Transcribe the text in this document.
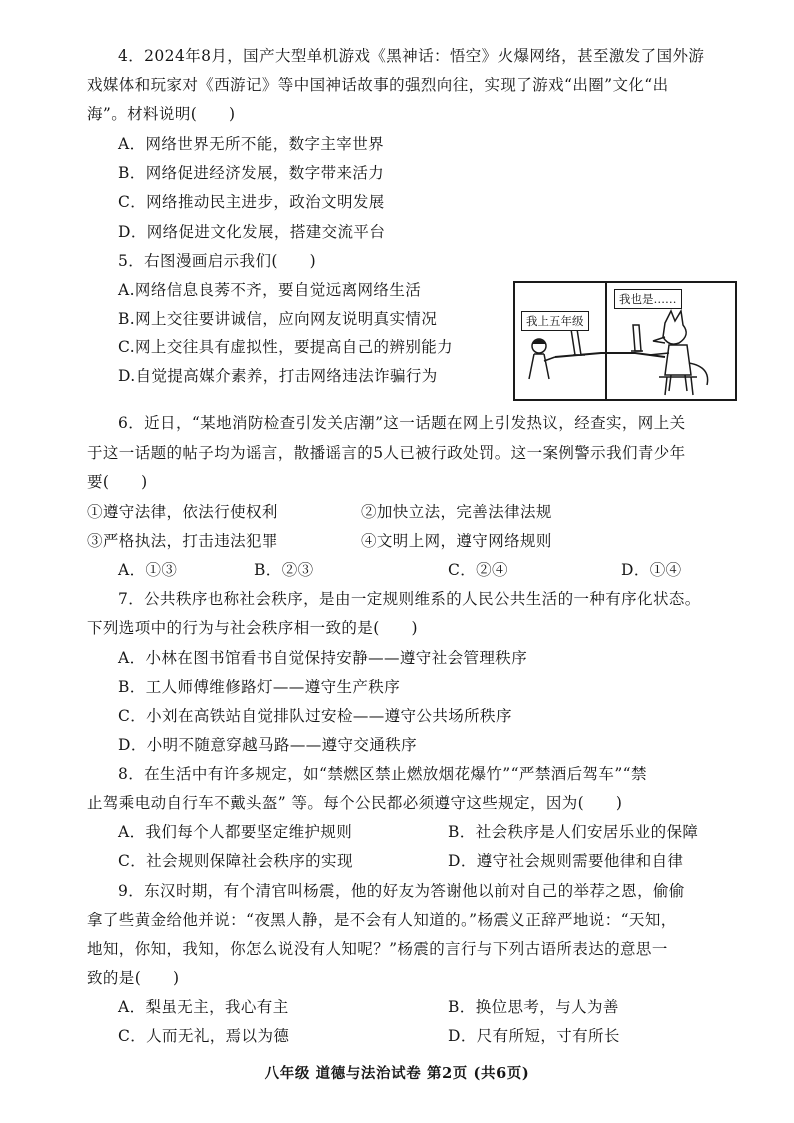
4．2024年8月，国产大型单机游戏《黑神话：悟空》火爆网络，甚至激发了国外游
戏媒体和玩家对《西游记》等中国神话故事的强烈向往，实现了游戏“出圈”文化“出
海”。材料说明(　　)
A．网络世界无所不能，数字主宰世界
B．网络促进经济发展，数字带来活力
C．网络推动民主进步，政治文明发展
D．网络促进文化发展，搭建交流平台
5．右图漫画启示我们(　　)
A.网络信息良莠不齐，要自觉远离网络生活
B.网上交往要讲诚信，应向网友说明真实情况
C.网上交往具有虚拟性，要提高自己的辨别能力
D.自觉提高媒介素养，打击网络违法诈骗行为
我上五年级
我也是……
6．近日，“某地消防检查引发关店潮”这一话题在网上引发热议，经查实，网上关
于这一话题的帖子均为谣言，散播谣言的5人已被行政处罚。这一案例警示我们青少年
要(　　)
①遵守法律，依法行使权利	②加快立法，完善法律法规
③严格执法，打击违法犯罪	④文明上网，遵守网络规则
A．①③	B．②③	C．②④	D．①④
7．公共秩序也称社会秩序，是由一定规则维系的人民公共生活的一种有序化状态。
下列选项中的行为与社会秩序相一致的是(　　)
A．小林在图书馆看书自觉保持安静——遵守社会管理秩序
B．工人师傅维修路灯——遵守生产秩序
C．小刘在高铁站自觉排队过安检——遵守公共场所秩序
D．小明不随意穿越马路——遵守交通秩序
8．在生活中有许多规定，如“禁燃区禁止燃放烟花爆竹”“严禁酒后驾车”“禁
止驾乘电动自行车不戴头盔” 等。每个公民都必须遵守这些规定，因为(　　)
A．我们每个人都要坚定维护规则	B．社会秩序是人们安居乐业的保障
C．社会规则保障社会秩序的实现	D．遵守社会规则需要他律和自律
9．东汉时期，有个清官叫杨震，他的好友为答谢他以前对自己的举荐之恩，偷偷
拿了些黄金给他并说：“夜黑人静，是不会有人知道的。”杨震义正辞严地说：“天知，
地知，你知，我知，你怎么说没有人知呢？”杨震的言行与下列古语所表达的意思一
致的是(　　)
A．梨虽无主，我心有主	B．换位思考，与人为善
C．人而无礼，焉以为德	D．尺有所短，寸有所长
八年级 道德与法治试卷 第2页 (共6页)
